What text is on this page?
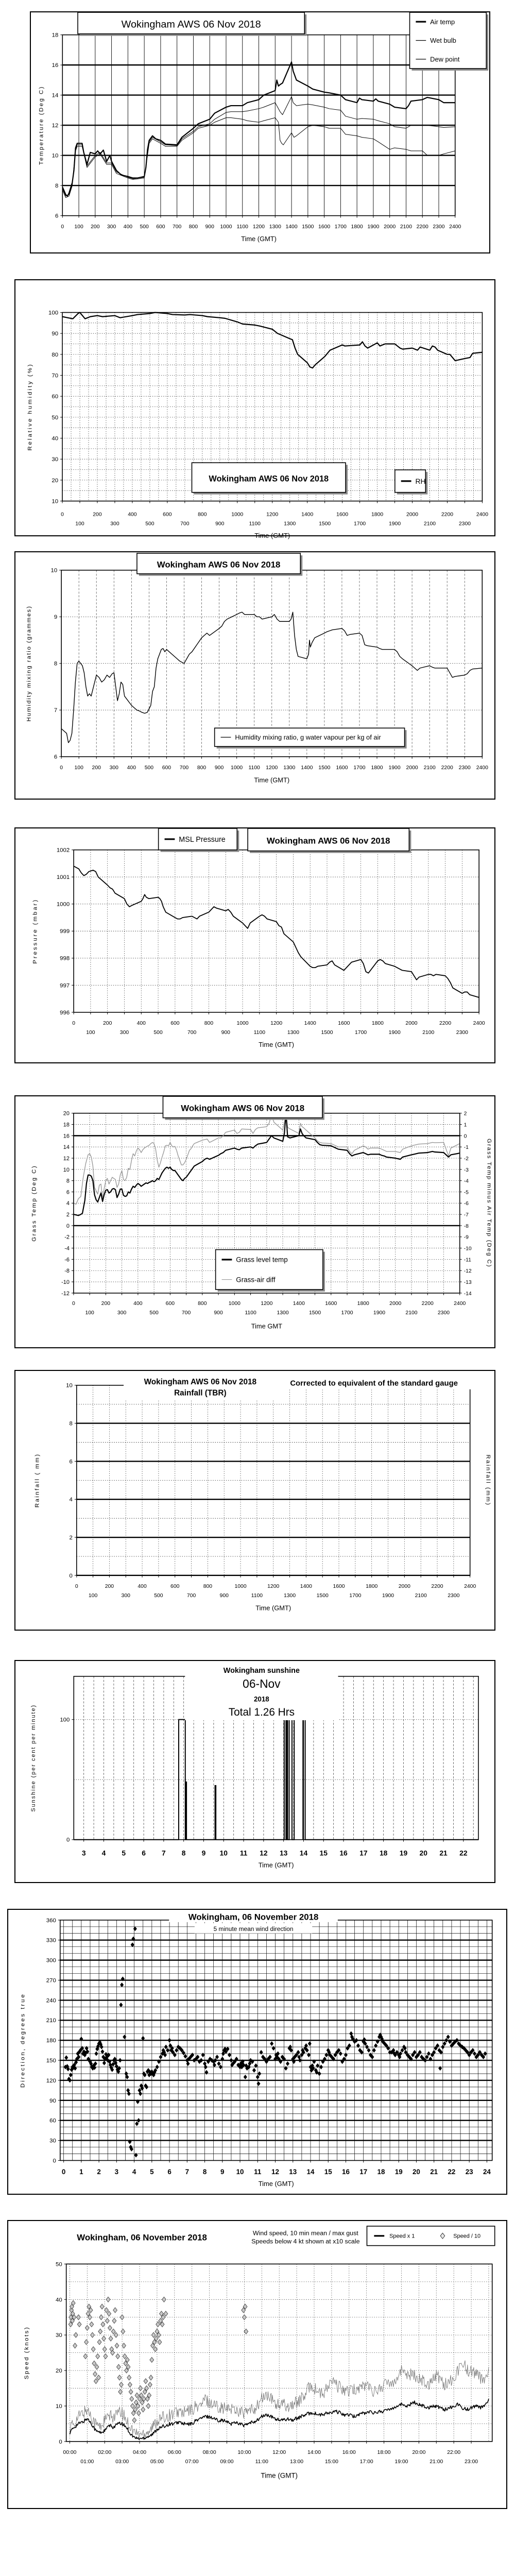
0 100 200 300 400 500 600 700 800 900 1000 1100 1200 1300 1400 1500 1600 1700 1800 1900 2000 2100 2200 2300 2400
Time (GMT)
6
8
10
12
14
16
18
Temperature (Deg C)
Wokingham AWS 06 Nov 2018	Air temp
Wet bulb
Dew point
0	200	400	600	800	1000	1200	1400	1600	1800	2000	2200	2400
100	300	500	700	900	1100	1300	1500	1700	1900	2100	2300
Time (GMT)
10
20
30
40
50
60
70
80
90
100
Relative humidity (%)
Wokingham AWS 06 Nov 2018	RH
0 100 200 300 400 500 600 700 800 900 1000 1100 1200 1300 1400 1500 1600 1700 1800 1900 2000 2100 2200 2300 2400
Time (GMT)
6
7
8
9
10
Humidity mixing ratio (grammes)
Wokingham AWS 06 Nov 2018
Humidity mixing ratio, g water vapour per kg of air
0	200	400	600	800	1000	1200	1400	1600	1800	2000	2200	2400
100	300	500	700	900	1100	1300	1500	1700	1900	2100	2300
Time (GMT)
996
997
998
999
1000
1001
1002
Pressure (mbar)
Wokingham AWS 06 Nov 2018
MSL Pressure
0	200	400	600	800	1000	1200	1400	1600	1800	2000	2200	2400
100	300	500	700	900	1100	1300	1500	1700	1900	2100	2300
Time GMT
-12
-10
-8
-6
-4
-2
0
2
4
6
8
10
12
14
16
18
20
Grass Temp (Deg C)
-14
-13
-12
-11
-10
-9
-8
-7
-6
-5
-4
-3
-2
-1
0
1
2
Grass Temp minus Air Temp (Deg C)
Wokingham AWS 06 Nov 2018
Grass level temp
Grass-air diff
0	200	400	600	800	1000	1200	1400	1600	1800	2000	2200	2400
100	300	500	700	900	1100	1300	1500	1700	1900	2100	2300
Time (GMT)
0
2
4
6
8
10
Rainfall ( mm)	Rainfall (mm)
Wokingham AWS 06 Nov 2018
Rainfall (TBR)
Corrected to equivalent of the standard gauge
3 4 5 6 7 8 9 10 11 12 13 14 15 16 17 18 19 20 21 22
Time (GMT)
0
100
Sunshine (per cent per minute)
Wokingham sunshine
06-Nov
2018
Total 1.26 Hrs
0 1 2 3 4 5 6 7 8 9 10 11 12 13 14 15 16 17 18 19 20 21 22 23 24
Time (GMT)
0
30
60
90
120
150
180
210
240
270
300
330
360
Direction, degrees true
Wokingham, 06 November 2018
5 minute mean wind direction
00:00	02:00	04:00	06:00	08:00	10:00	12:00	14:00	16:00	18:00	20:00	22:00
01:00	03:00	05:00	07:00	09:00	11:00	13:00	15:00	17:00	19:00	21:00	23:00
Time (GMT)
0
10
20
30
40
50
Speed (knots)
Wokingham, 06 November 2018	Wind speed, 10 min mean / max gust
Speeds below 4 kt shown at x10 scale
Speed x 1	Speed / 10
